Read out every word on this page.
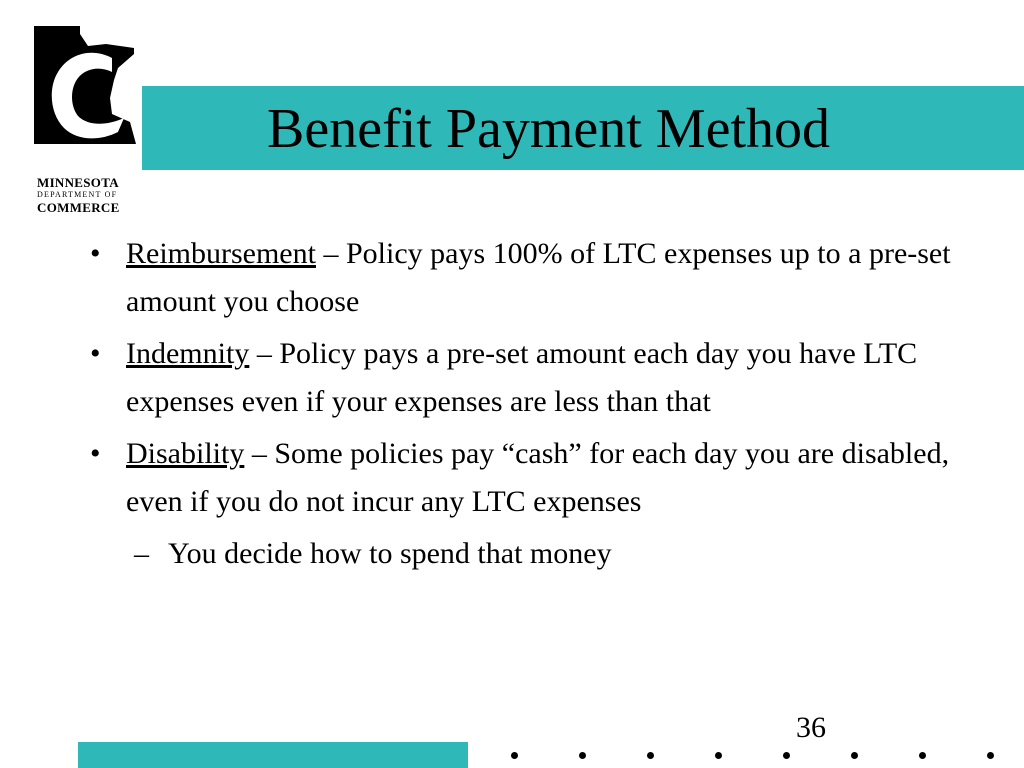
MINNESOTA
DEPARTMENT OF
COMMERCE
Benefit Payment Method
• Reimbursement – Policy pays 100% of LTC expenses up to a pre-set amount you choose
• Indemnity – Policy pays a pre-set amount each day you have LTC expenses even if your expenses are less than that
• Disability – Some policies pay “cash” for each day you are disabled, even if you do not incur any LTC expenses
– You decide how to spend that money
36
